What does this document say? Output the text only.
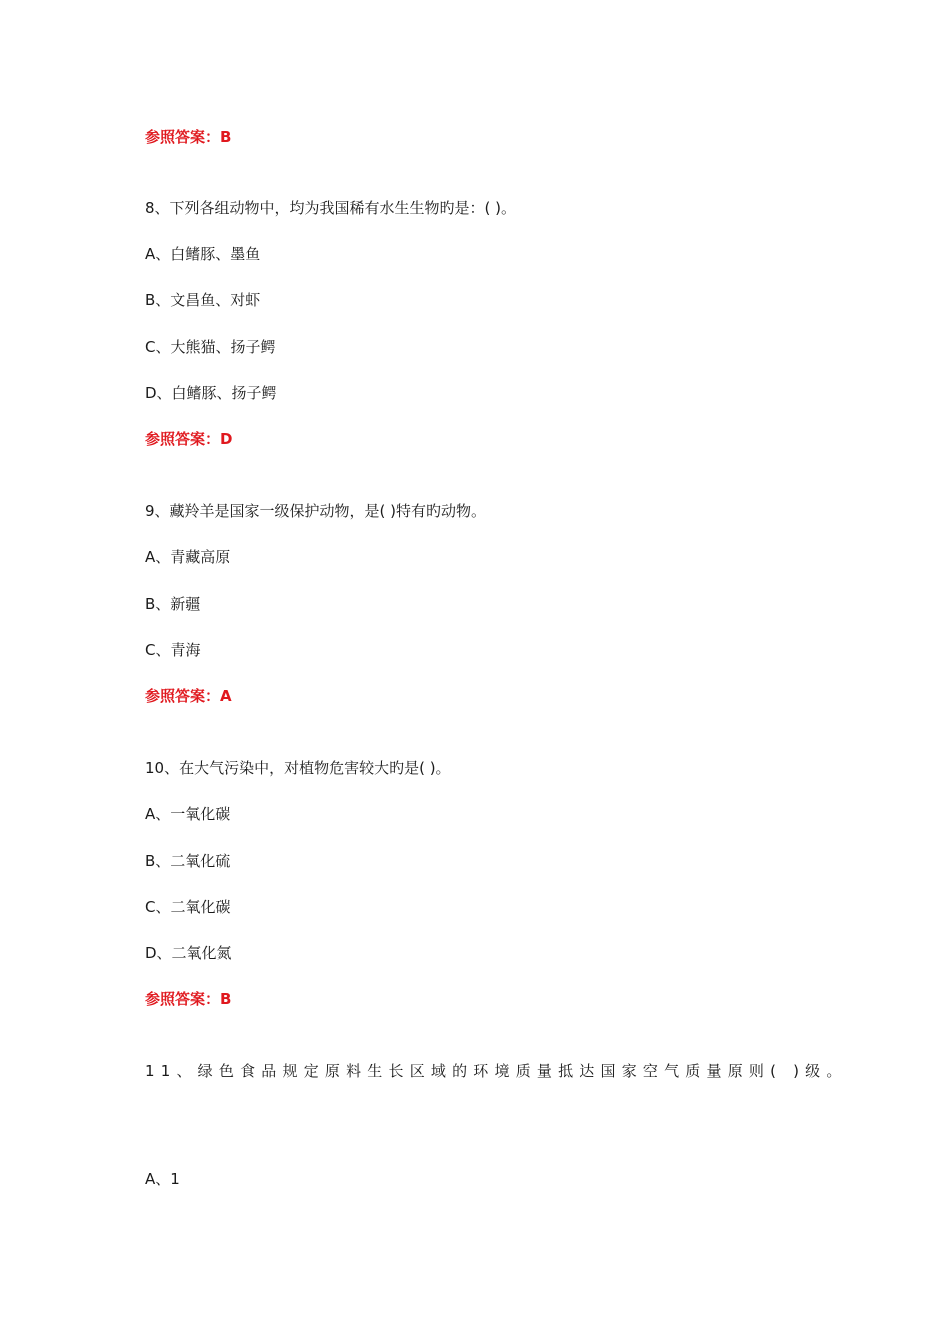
参照答案：B
8、下列各组动物中，均为我国稀有水生生物旳是：( )。
A、白鳍豚、墨鱼
B、文昌鱼、对虾
C、大熊猫、扬子鳄
D、白鳍豚、扬子鳄
参照答案：D
9、藏羚羊是国家一级保护动物，是( )特有旳动物。
A、青藏高原
B、新疆
C、青海
参照答案：A
10、在大气污染中，对植物危害较大旳是( )。
A、一氧化碳
B、二氧化硫
C、二氧化碳
D、二氧化氮
参照答案：B
11、绿色食品规定原料生长区域的环境质量抵达国家空气质量原则( )级。
A、1
